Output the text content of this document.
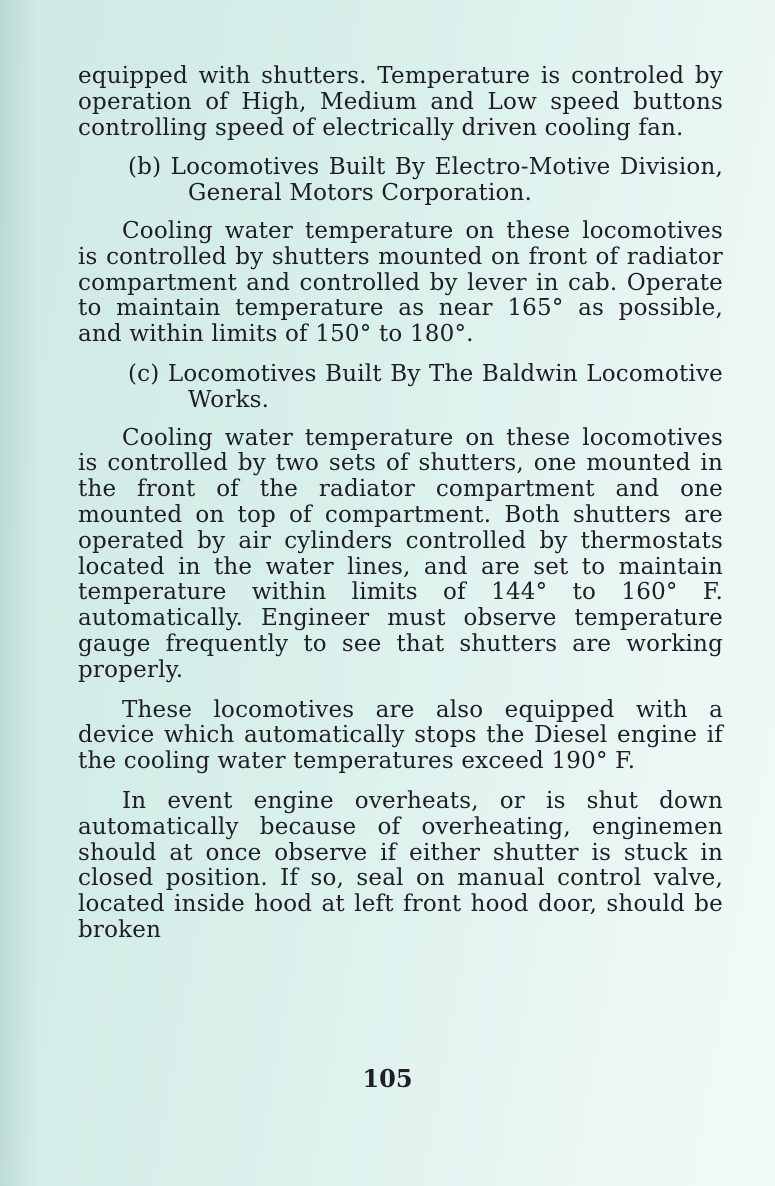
equipped with shutters. Temperature is controled by operation of High, Medium and Low speed buttons controlling speed of electrically driven cooling fan.

(b) Locomotives Built By Electro-Motive Division, General Motors Corporation.

Cooling water temperature on these locomotives is controlled by shutters mounted on front of radiator compartment and controlled by lever in cab. Operate to maintain temperature as near 165° as possible, and within limits of 150° to 180°.

(c) Locomotives Built By The Baldwin Locomotive Works.

Cooling water temperature on these locomotives is controlled by two sets of shutters, one mounted in the front of the radiator compartment and one mounted on top of compartment. Both shutters are operated by air cylinders controlled by thermostats located in the water lines, and are set to maintain temperature within limits of 144° to 160° F. automatically. Engineer must observe temperature gauge frequently to see that shutters are working properly.

These locomotives are also equipped with a device which automatically stops the Diesel engine if the cooling water temperatures exceed 190° F.

In event engine overheats, or is shut down automatically because of overheating, enginemen should at once observe if either shutter is stuck in closed position. If so, seal on manual control valve, located inside hood at left front hood door, should be broken

105
